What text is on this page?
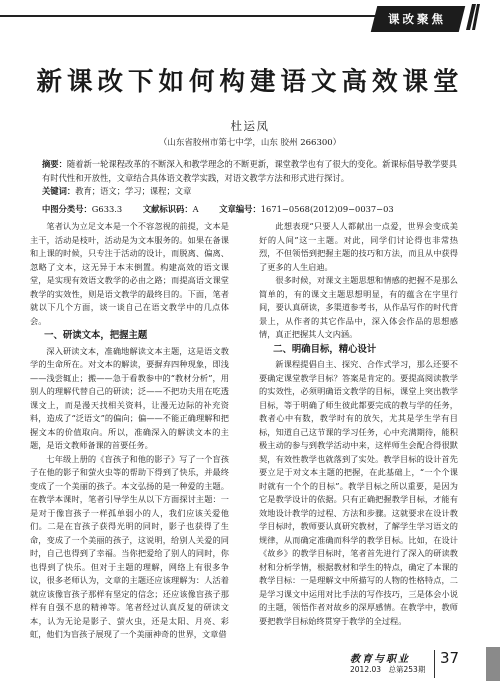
课改聚焦
新课改下如何构建语文高效课堂
杜运凤
（山东省胶州市第七中学，山东 胶州 266300）
摘要：随着新一轮课程改革的不断深入和教学理念的不断更新，课堂教学也有了很大的变化。新课标倡导教学要具有时代性和开放性，文章结合具体语文教学实践，对语文教学方法和形式进行探讨。
关键词：教育；语文；学习；课程；文章
中图分类号：G633.3 文献标识码：A 文章编号：1671−0568(2012)09−0037−03

笔者认为立足文本是一个不容忽视的前提，文本是主干，活动是枝叶，活动是为文本服务的。如果在备课和上课的时候，只专注于活动的设计，而脱离、偏离、忽略了文本，这无异于本末倒置。构建高效的语文课堂，是实现有效语文教学的必由之路；而提高语文课堂教学的实效性，则是语文教学的最终目的。下面，笔者就以下几个方面，谈一谈自己在语文教学中的几点体会。

一、研读文本，把握主题

深入研读文本，准确地解读文本主题，这是语文教学的生命所在。对文本的解读，要摒弃四种现象，即浅——浅尝辄止；搬——急于看教参中的“教材分析”，用别人的理解代替自己的研读；泛——不把功夫用在吃透课文上，而是漫天找相关资料，让漫无边际的补充资料，造成了“泛语文”的偏向；偏——不能正确理解和把握文本的价值取向。所以，准确深入的解读文本的主题，是语文教师备课的首要任务。

七年级上册的《盲孩子和他的影子》写了一个盲孩子在他的影子和萤火虫等的帮助下得到了快乐，并最终变成了一个美丽的孩子。本文弘扬的是一种爱的主题。在教学本课时，笔者引导学生从以下方面探讨主题：一是对于像盲孩子一样孤单弱小的人，我们应该关爱他们。二是在盲孩子获得光明的同时，影子也获得了生命，变成了一个美丽的孩子，这说明，给别人关爱的同时，自己也得到了幸福。当你把爱给了别人的同时，你也得到了快乐。但对于主题的理解，网络上有很多争议，很多老师认为，文章的主题还应该理解为：人活着就应该像盲孩子那样有坚定的信念；还应该像盲孩子那样有自强不息的精神等。笔者经过认真反复的研读文本，认为无论是影子、萤火虫，还是太阳、月亮、彩虹，他们为盲孩子展现了一个美丽神奇的世界，文章借

此想表现“只要人人都献出一点爱，世界会变成美好的人间”这一主题。对此，同学们讨论得也非常热烈，不但领悟到把握主题的技巧和方法，而且从中获得了更多的人生启迪。

很多时候，对课文主题思想和情感的把握不是那么简单的，有的课文主题思想明显，有的蕴含在字里行间，要认真研读，多渠道参考书，从作品写作的时代背景上，从作者的其它作品中，深入体会作品的思想感情，真正把握其人文内涵。

二、明确目标，精心设计

新课程提倡自主、探究、合作式学习，那么还要不要确定课堂教学目标？答案是肯定的。要提高阅读教学的实效性，必须明确语文教学的目标，课堂上突出教学目标，等于明确了师生彼此都要完成的教与学的任务，教者心中有数，教学时有的放矢，尤其是学生学有目标，知道自己这节课的学习任务，心中充满期待，能积极主动的参与到教学活动中来，这样师生会配合得很默契，有效性教学也就落到了实处。教学目标的设计首先要立足于对文本主题的把握，在此基础上，“一个个课时就有一个个的目标”。教学目标之所以重要，是因为它是教学设计的依据。只有正确把握教学目标，才能有效地设计教学的过程、方法和步骤。这就要求在设计教学目标时，教师要认真研究教材，了解学生学习语文的规律，从而确定准确而科学的教学目标。比如，在设计《故乡》的教学目标时，笔者首先进行了深入的研读教材和分析学情，根据教材和学生的特点，确定了本课的教学目标：一是理解文中所描写的人物的性格特点，二是学习课文中运用对比手法的写作技巧，三是体会小说的主题，领悟作者对故乡的深厚感情。在教学中，教师要把教学目标始终贯穿于教学的全过程。

教育与职业
2012.03　总第253期
37
